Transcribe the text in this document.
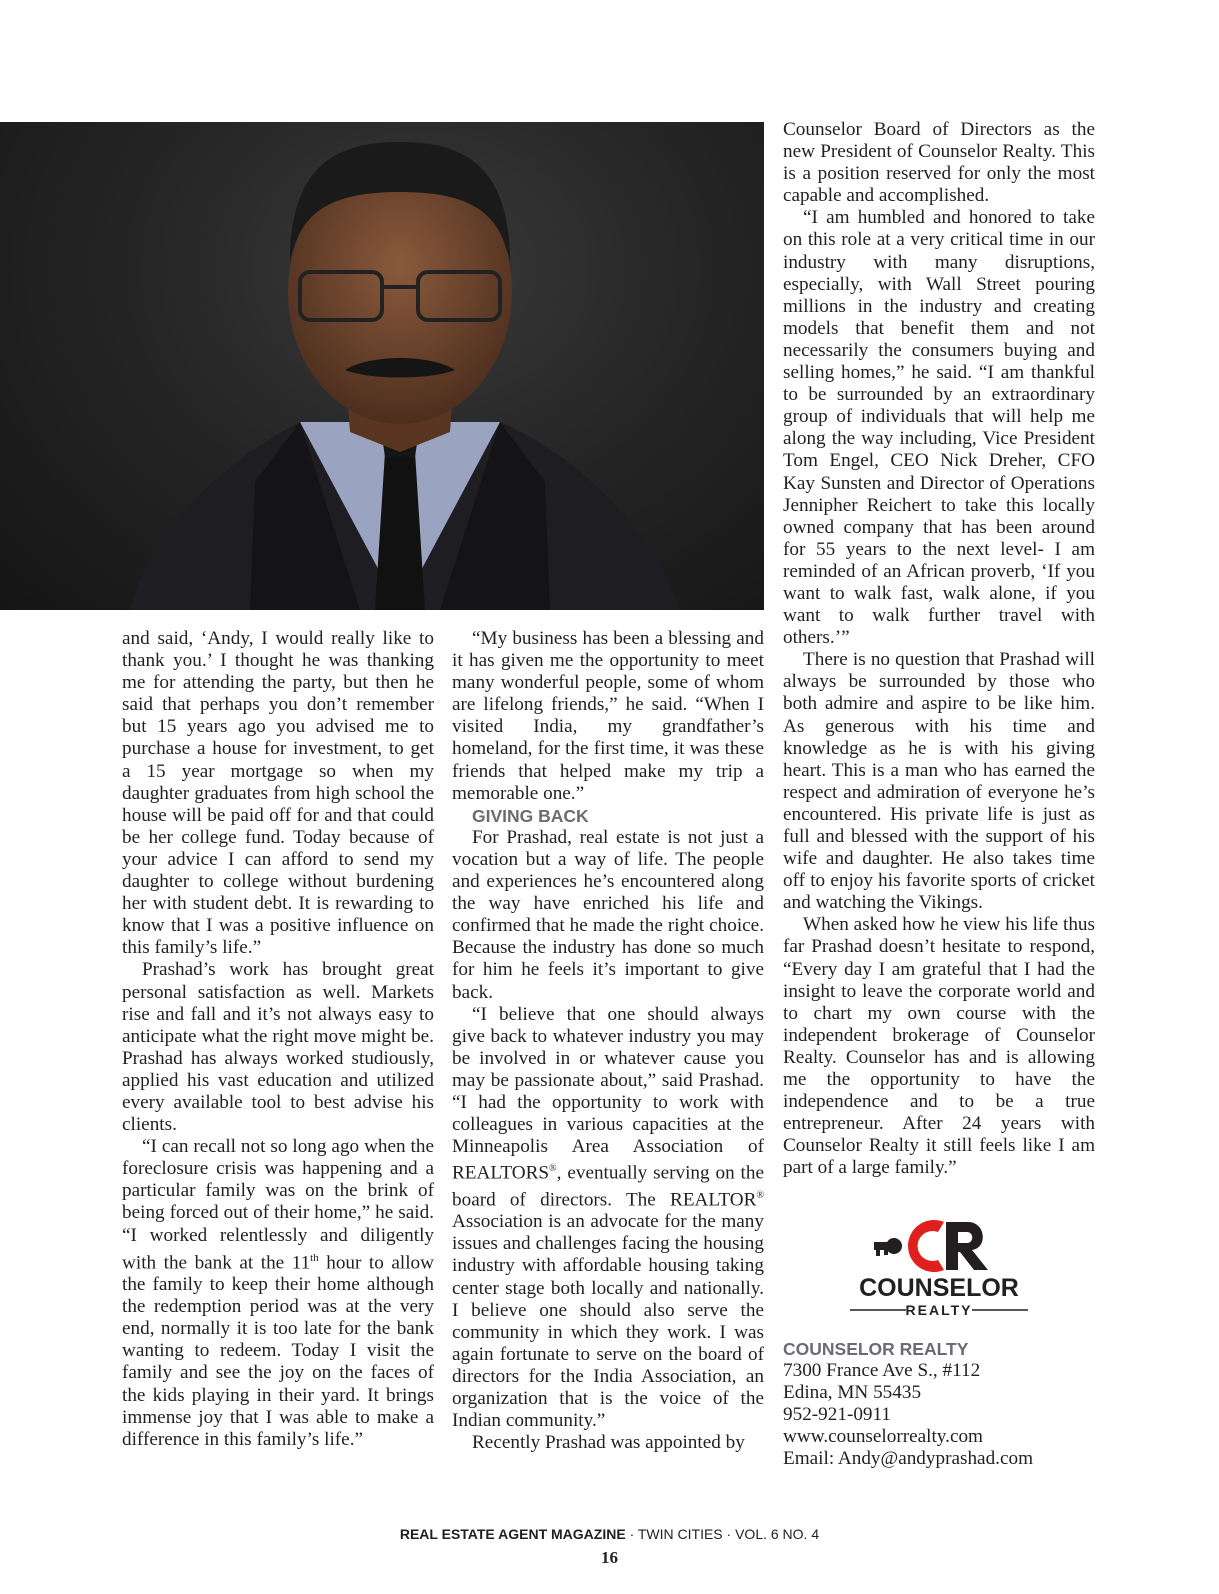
and said, ‘Andy, I would really like to thank you.’ I thought he was thanking me for attending the party, but then he said that perhaps you don’t remember but 15 years ago you advised me to purchase a house for investment, to get a 15 year mortgage so when my daughter graduates from high school the house will be paid off for and that could be her college fund. Today because of your advice I can afford to send my daughter to college without burdening her with student debt. It is rewarding to know that I was a positive influence on this family’s life.”

Prashad’s work has brought great personal satisfaction as well. Markets rise and fall and it’s not always easy to anticipate what the right move might be. Prashad has always worked studiously, applied his vast education and utilized every available tool to best advise his clients.

“I can recall not so long ago when the foreclosure crisis was happening and a particular family was on the brink of being forced out of their home,” he said. “I worked relentlessly and diligently with the bank at the 11th hour to allow the family to keep their home although the redemption period was at the very end, normally it is too late for the bank wanting to redeem. Today I visit the family and see the joy on the faces of the kids playing in their yard. It brings immense joy that I was able to make a difference in this family’s life.”

“My business has been a blessing and it has given me the opportunity to meet many wonderful people, some of whom are lifelong friends,” he said. “When I visited India, my grandfather’s homeland, for the first time, it was these friends that helped make my trip a memorable one.”

GIVING BACK

For Prashad, real estate is not just a vocation but a way of life. The people and experiences he’s encountered along the way have enriched his life and confirmed that he made the right choice. Because the industry has done so much for him he feels it’s important to give back.

“I believe that one should always give back to whatever industry you may be involved in or whatever cause you may be passionate about,” said Prashad. “I had the opportunity to work with colleagues in various capacities at the Minneapolis Area Association of REALTORS®, eventually serving on the board of directors. The REALTOR® Association is an advocate for the many issues and challenges facing the housing industry with affordable housing taking center stage both locally and nationally. I believe one should also serve the community in which they work. I was again fortunate to serve on the board of directors for the India Association, an organization that is the voice of the Indian community.”

Recently Prashad was appointed by

Counselor Board of Directors as the new President of Counselor Realty. This is a position reserved for only the most capable and accomplished.

“I am humbled and honored to take on this role at a very critical time in our industry with many disruptions, especially, with Wall Street pouring millions in the industry and creating models that benefit them and not necessarily the consumers buying and selling homes,” he said. “I am thankful to be surrounded by an extraordinary group of individuals that will help me along the way including, Vice President Tom Engel, CEO Nick Dreher, CFO Kay Sunsten and Director of Operations Jennipher Reichert to take this locally owned company that has been around for 55 years to the next level- I am reminded of an African proverb, ‘If you want to walk fast, walk alone, if you want to walk further travel with others.’”

There is no question that Prashad will always be surrounded by those who both admire and aspire to be like him. As generous with his time and knowledge as he is with his giving heart. This is a man who has earned the respect and admiration of everyone he’s encountered. His private life is just as full and blessed with the support of his wife and daughter. He also takes time off to enjoy his favorite sports of cricket and watching the Vikings.

When asked how he view his life thus far Prashad doesn’t hesitate to respond, “Every day I am grateful that I had the insight to leave the corporate world and to chart my own course with the independent brokerage of Counselor Realty. Counselor has and is allowing me the opportunity to have the independence and to be a true entrepreneur. After 24 years with Counselor Realty it still feels like I am part of a large family.”

COUNSELOR
REALTY
COUNSELOR REALTY
7300 France Ave S., #112
Edina, MN 55435
952-921-0911
www.counselorrealty.com
Email: Andy@andyprashad.com
REAL ESTATE AGENT MAGAZINE · TWIN CITIES · VOL. 6 NO. 4
16
